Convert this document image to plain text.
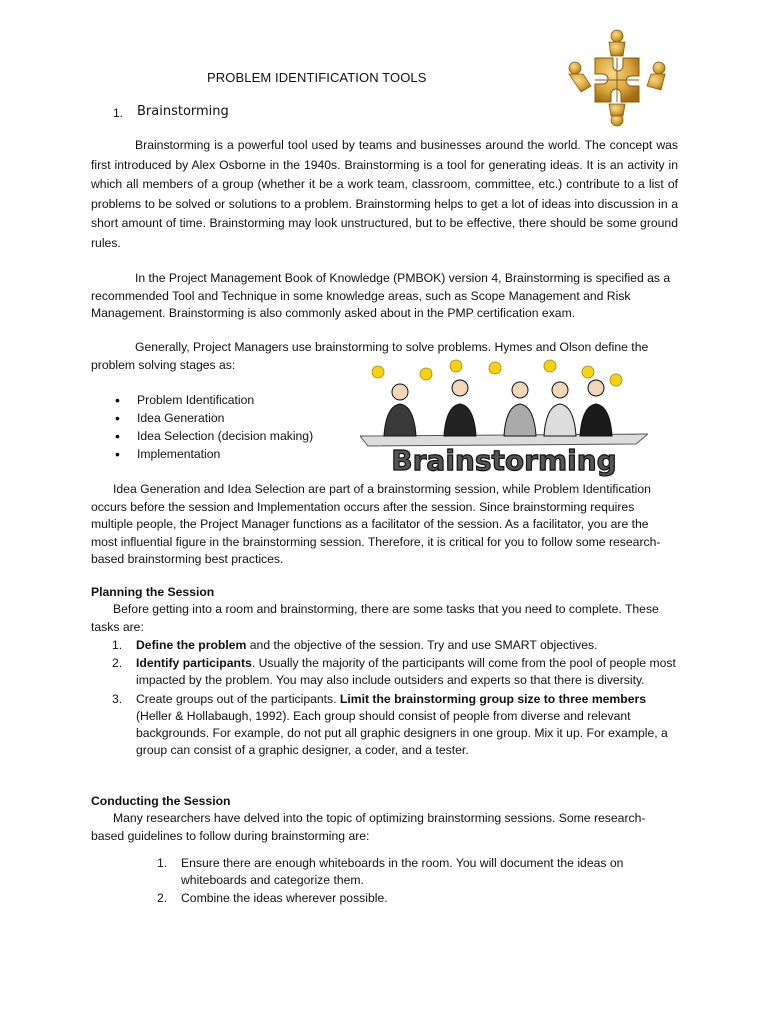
PROBLEM IDENTIFICATION TOOLS
1. Brainstorming
Brainstorming is a powerful tool used by teams and businesses around the world. The concept was first introduced by Alex Osborne in the 1940s. Brainstorming is a tool for generating ideas. It is an activity in which all members of a group (whether it be a work team, classroom, committee, etc.) contribute to a list of problems to be solved or solutions to a problem. Brainstorming helps to get a lot of ideas into discussion in a short amount of time. Brainstorming may look unstructured, but to be effective, there should be some ground rules.
In the Project Management Book of Knowledge (PMBOK) version 4, Brainstorming is specified as a recommended Tool and Technique in some knowledge areas, such as Scope Management and Risk Management. Brainstorming is also commonly asked about in the PMP certification exam.
Generally, Project Managers use brainstorming to solve problems. Hymes and Olson define the problem solving stages as:
• Problem Identification
• Idea Generation
• Idea Selection (decision making)
• Implementation	Brainstorming
Idea Generation and Idea Selection are part of a brainstorming session, while Problem Identification occurs before the session and Implementation occurs after the session. Since brainstorming requires multiple people, the Project Manager functions as a facilitator of the session. As a facilitator, you are the most influential figure in the brainstorming session. Therefore, it is critical for you to follow some research-based brainstorming best practices.
Planning the Session
Before getting into a room and brainstorming, there are some tasks that you need to complete. These tasks are:
1. Define the problem and the objective of the session. Try and use SMART objectives.
2. Identify participants. Usually the majority of the participants will come from the pool of people most impacted by the problem. You may also include outsiders and experts so that there is diversity.
3. Create groups out of the participants. Limit the brainstorming group size to three members (Heller & Hollabaugh, 1992). Each group should consist of people from diverse and relevant backgrounds. For example, do not put all graphic designers in one group. Mix it up. For example, a group can consist of a graphic designer, a coder, and a tester.
Conducting the Session
Many researchers have delved into the topic of optimizing brainstorming sessions. Some research-based guidelines to follow during brainstorming are:
1. Ensure there are enough whiteboards in the room. You will document the ideas on whiteboards and categorize them.
2. Combine the ideas wherever possible.
